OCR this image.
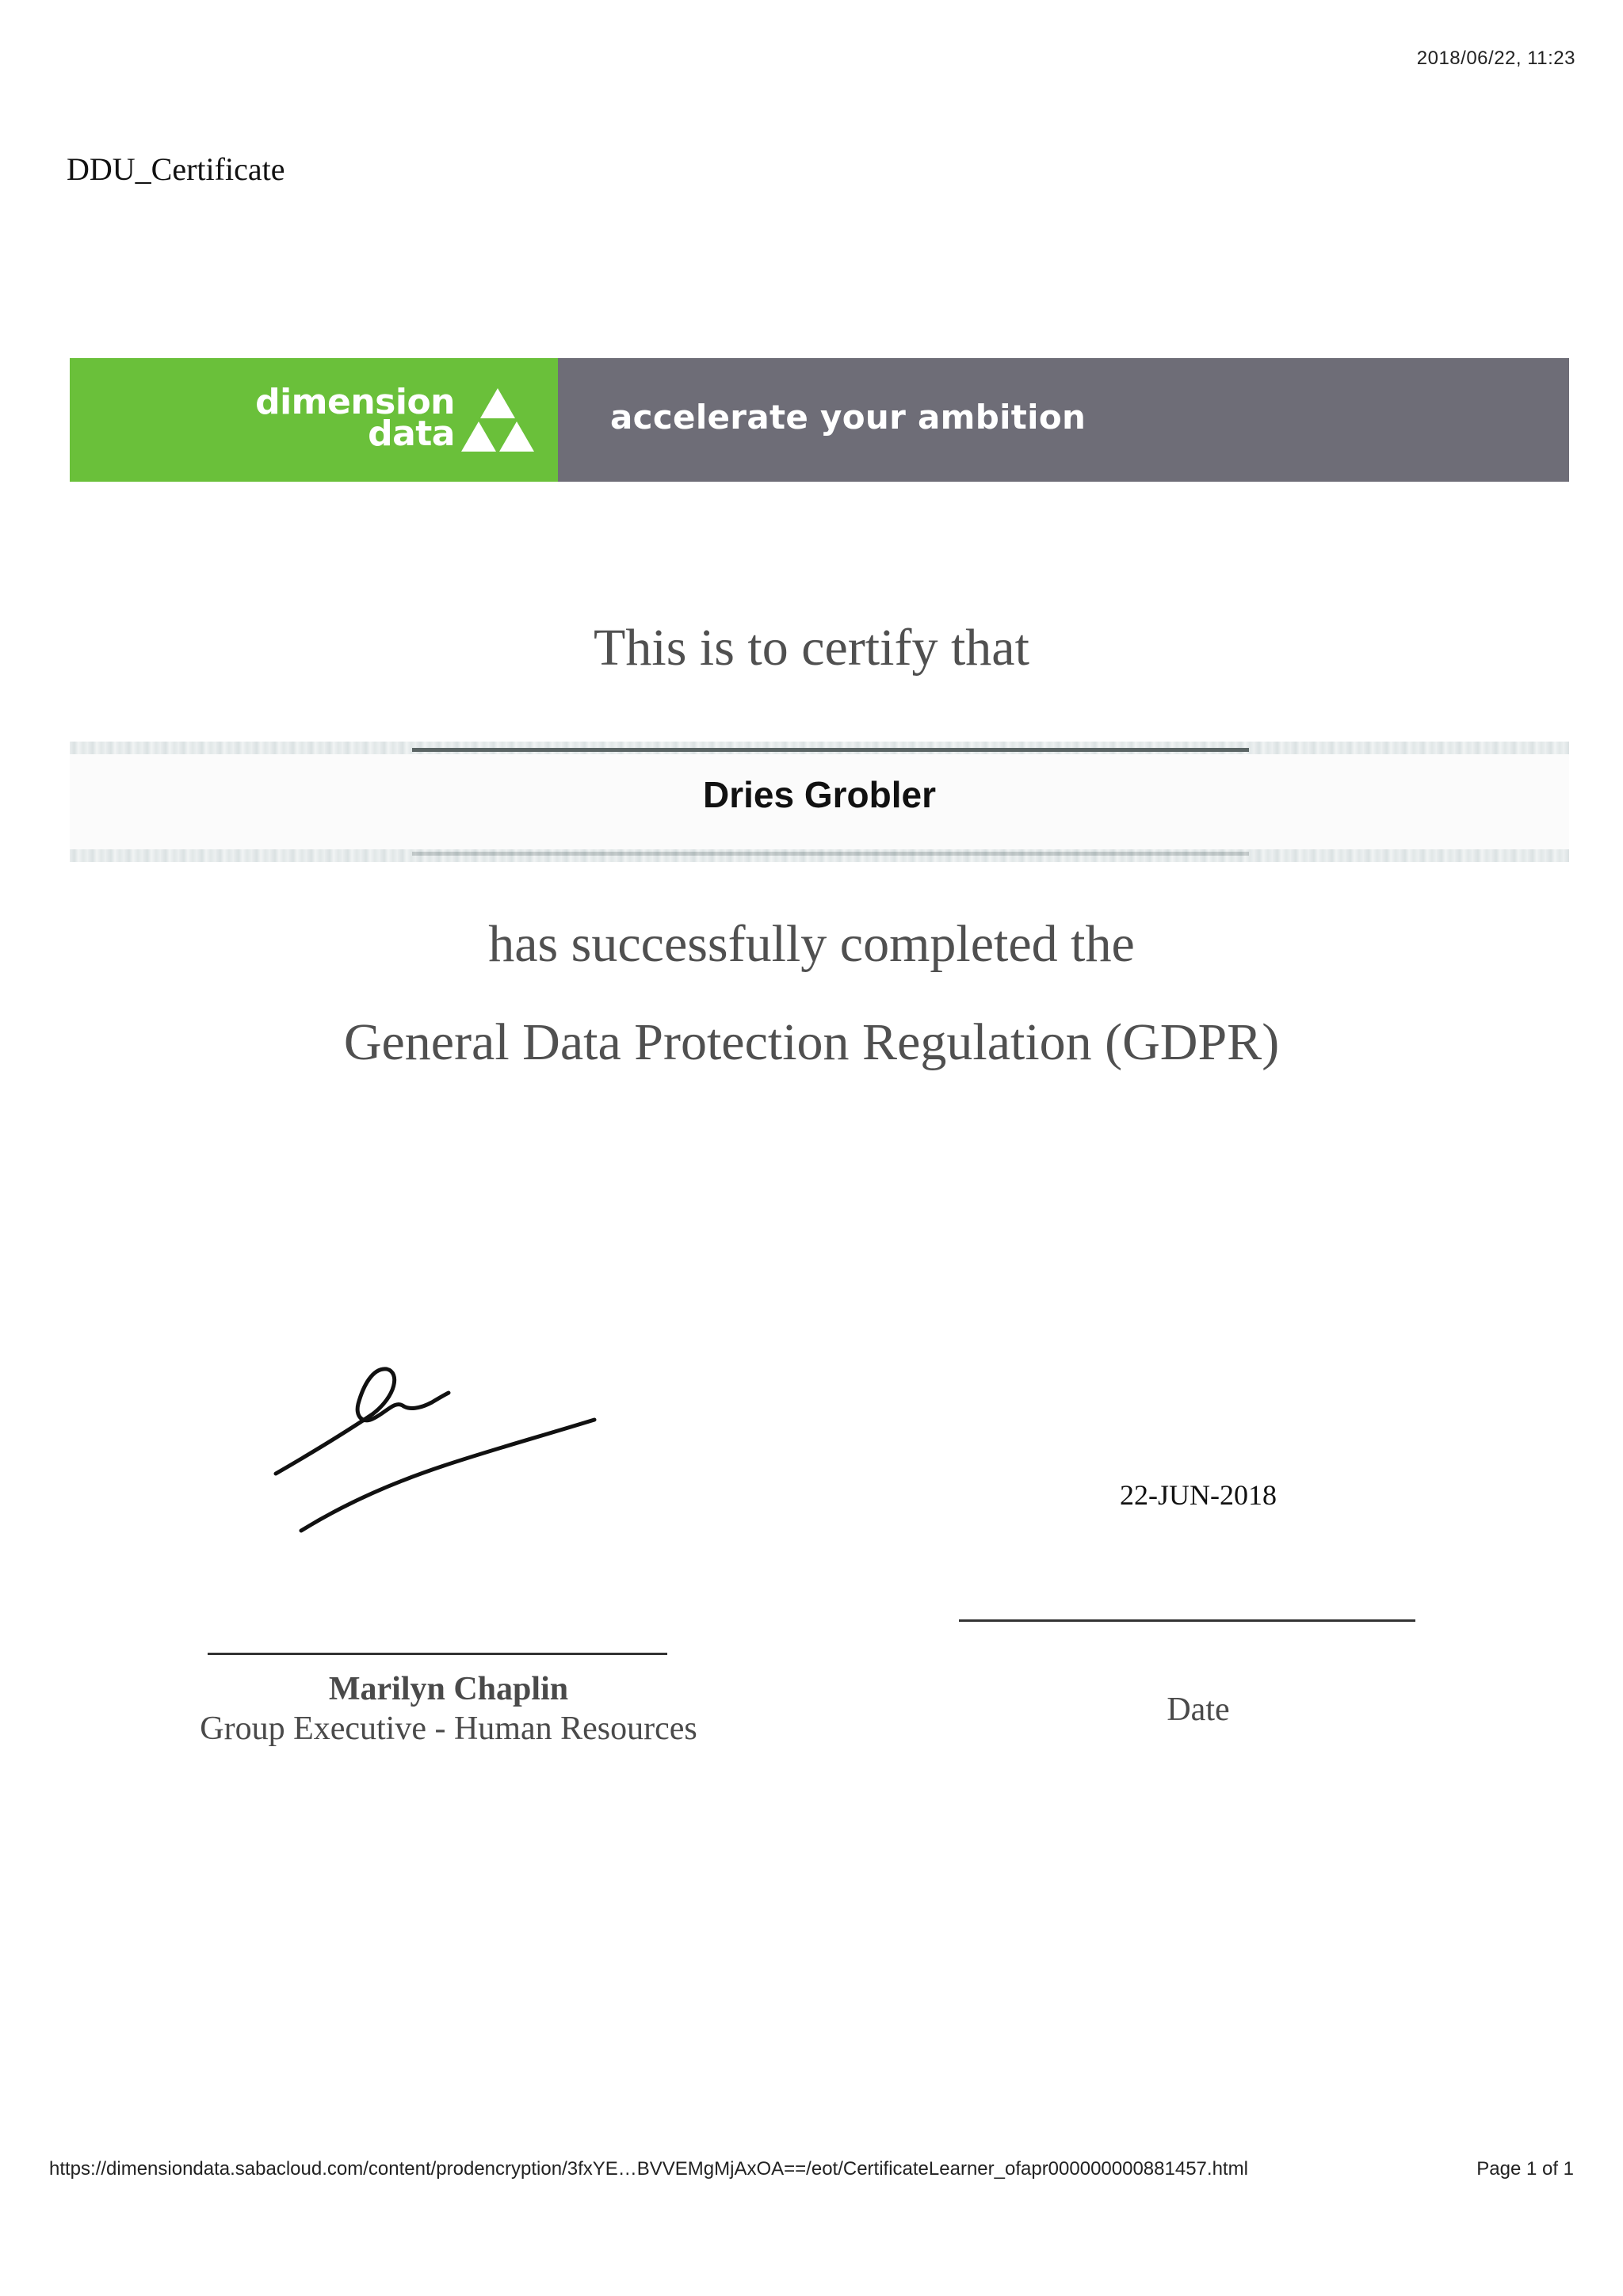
2018/06/22, 11:23
DDU_Certificate
dimension
data	accelerate your ambition
This is to certify that
Dries Grobler
has successfully completed the
General Data Protection Regulation (GDPR)
Marilyn Chaplin
Group Executive - Human Resources
22-JUN-2018
Date
https://dimensiondata.sabacloud.com/content/prodencryption/3fxYE…BVVEMgMjAxOA==/eot/CertificateLearner_ofapr000000000881457.html	Page 1 of 1
